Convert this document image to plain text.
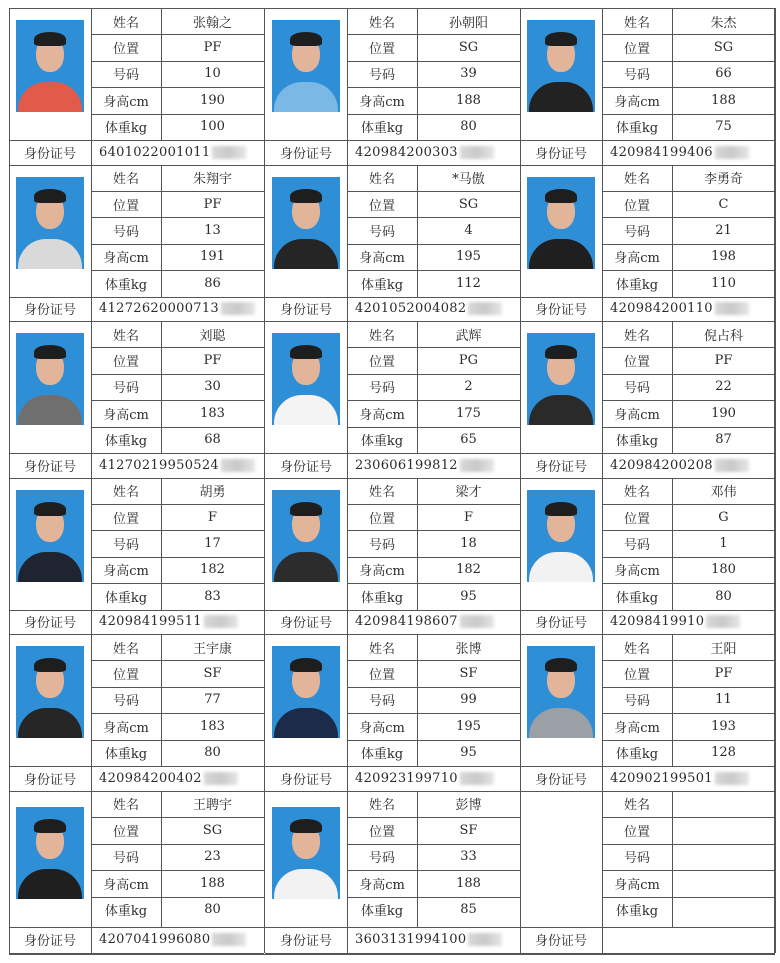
姓名	张翰之
位置	PF
号码	10
身高cm	190
体重kg	100
身份证号	6401022001011
姓名	孙朝阳
位置	SG
号码	39
身高cm	188
体重kg	80
身份证号	420984200303
姓名	朱杰
位置	SG
号码	66
身高cm	188
体重kg	75
身份证号	420984199406
姓名	朱翔宇
位置	PF
号码	13
身高cm	191
体重kg	86
身份证号	41272620000713
姓名	*马傲
位置	SG
号码	4
身高cm	195
体重kg	112
身份证号	4201052004082
姓名	李勇奇
位置	C
号码	21
身高cm	198
体重kg	110
身份证号	420984200110
姓名	刘聪
位置	PF
号码	30
身高cm	183
体重kg	68
身份证号	41270219950524
姓名	武辉
位置	PG
号码	2
身高cm	175
体重kg	65
身份证号	230606199812
姓名	倪占科
位置	PF
号码	22
身高cm	190
体重kg	87
身份证号	420984200208
姓名	胡勇
位置	F
号码	17
身高cm	182
体重kg	83
身份证号	420984199511
姓名	梁才
位置	F
号码	18
身高cm	182
体重kg	95
身份证号	420984198607
姓名	邓伟
位置	G
号码	1
身高cm	180
体重kg	80
身份证号	42098419910
姓名	王宇康
位置	SF
号码	77
身高cm	183
体重kg	80
身份证号	420984200402
姓名	张博
位置	SF
号码	99
身高cm	195
体重kg	95
身份证号	420923199710
姓名	王阳
位置	PF
号码	11
身高cm	193
体重kg	128
身份证号	420902199501
姓名	王聘宇
位置	SG
号码	23
身高cm	188
体重kg	80
身份证号	4207041996080
姓名	彭博
位置	SF
号码	33
身高cm	188
体重kg	85
身份证号	3603131994100
姓名
位置
号码
身高cm
体重kg
身份证号
